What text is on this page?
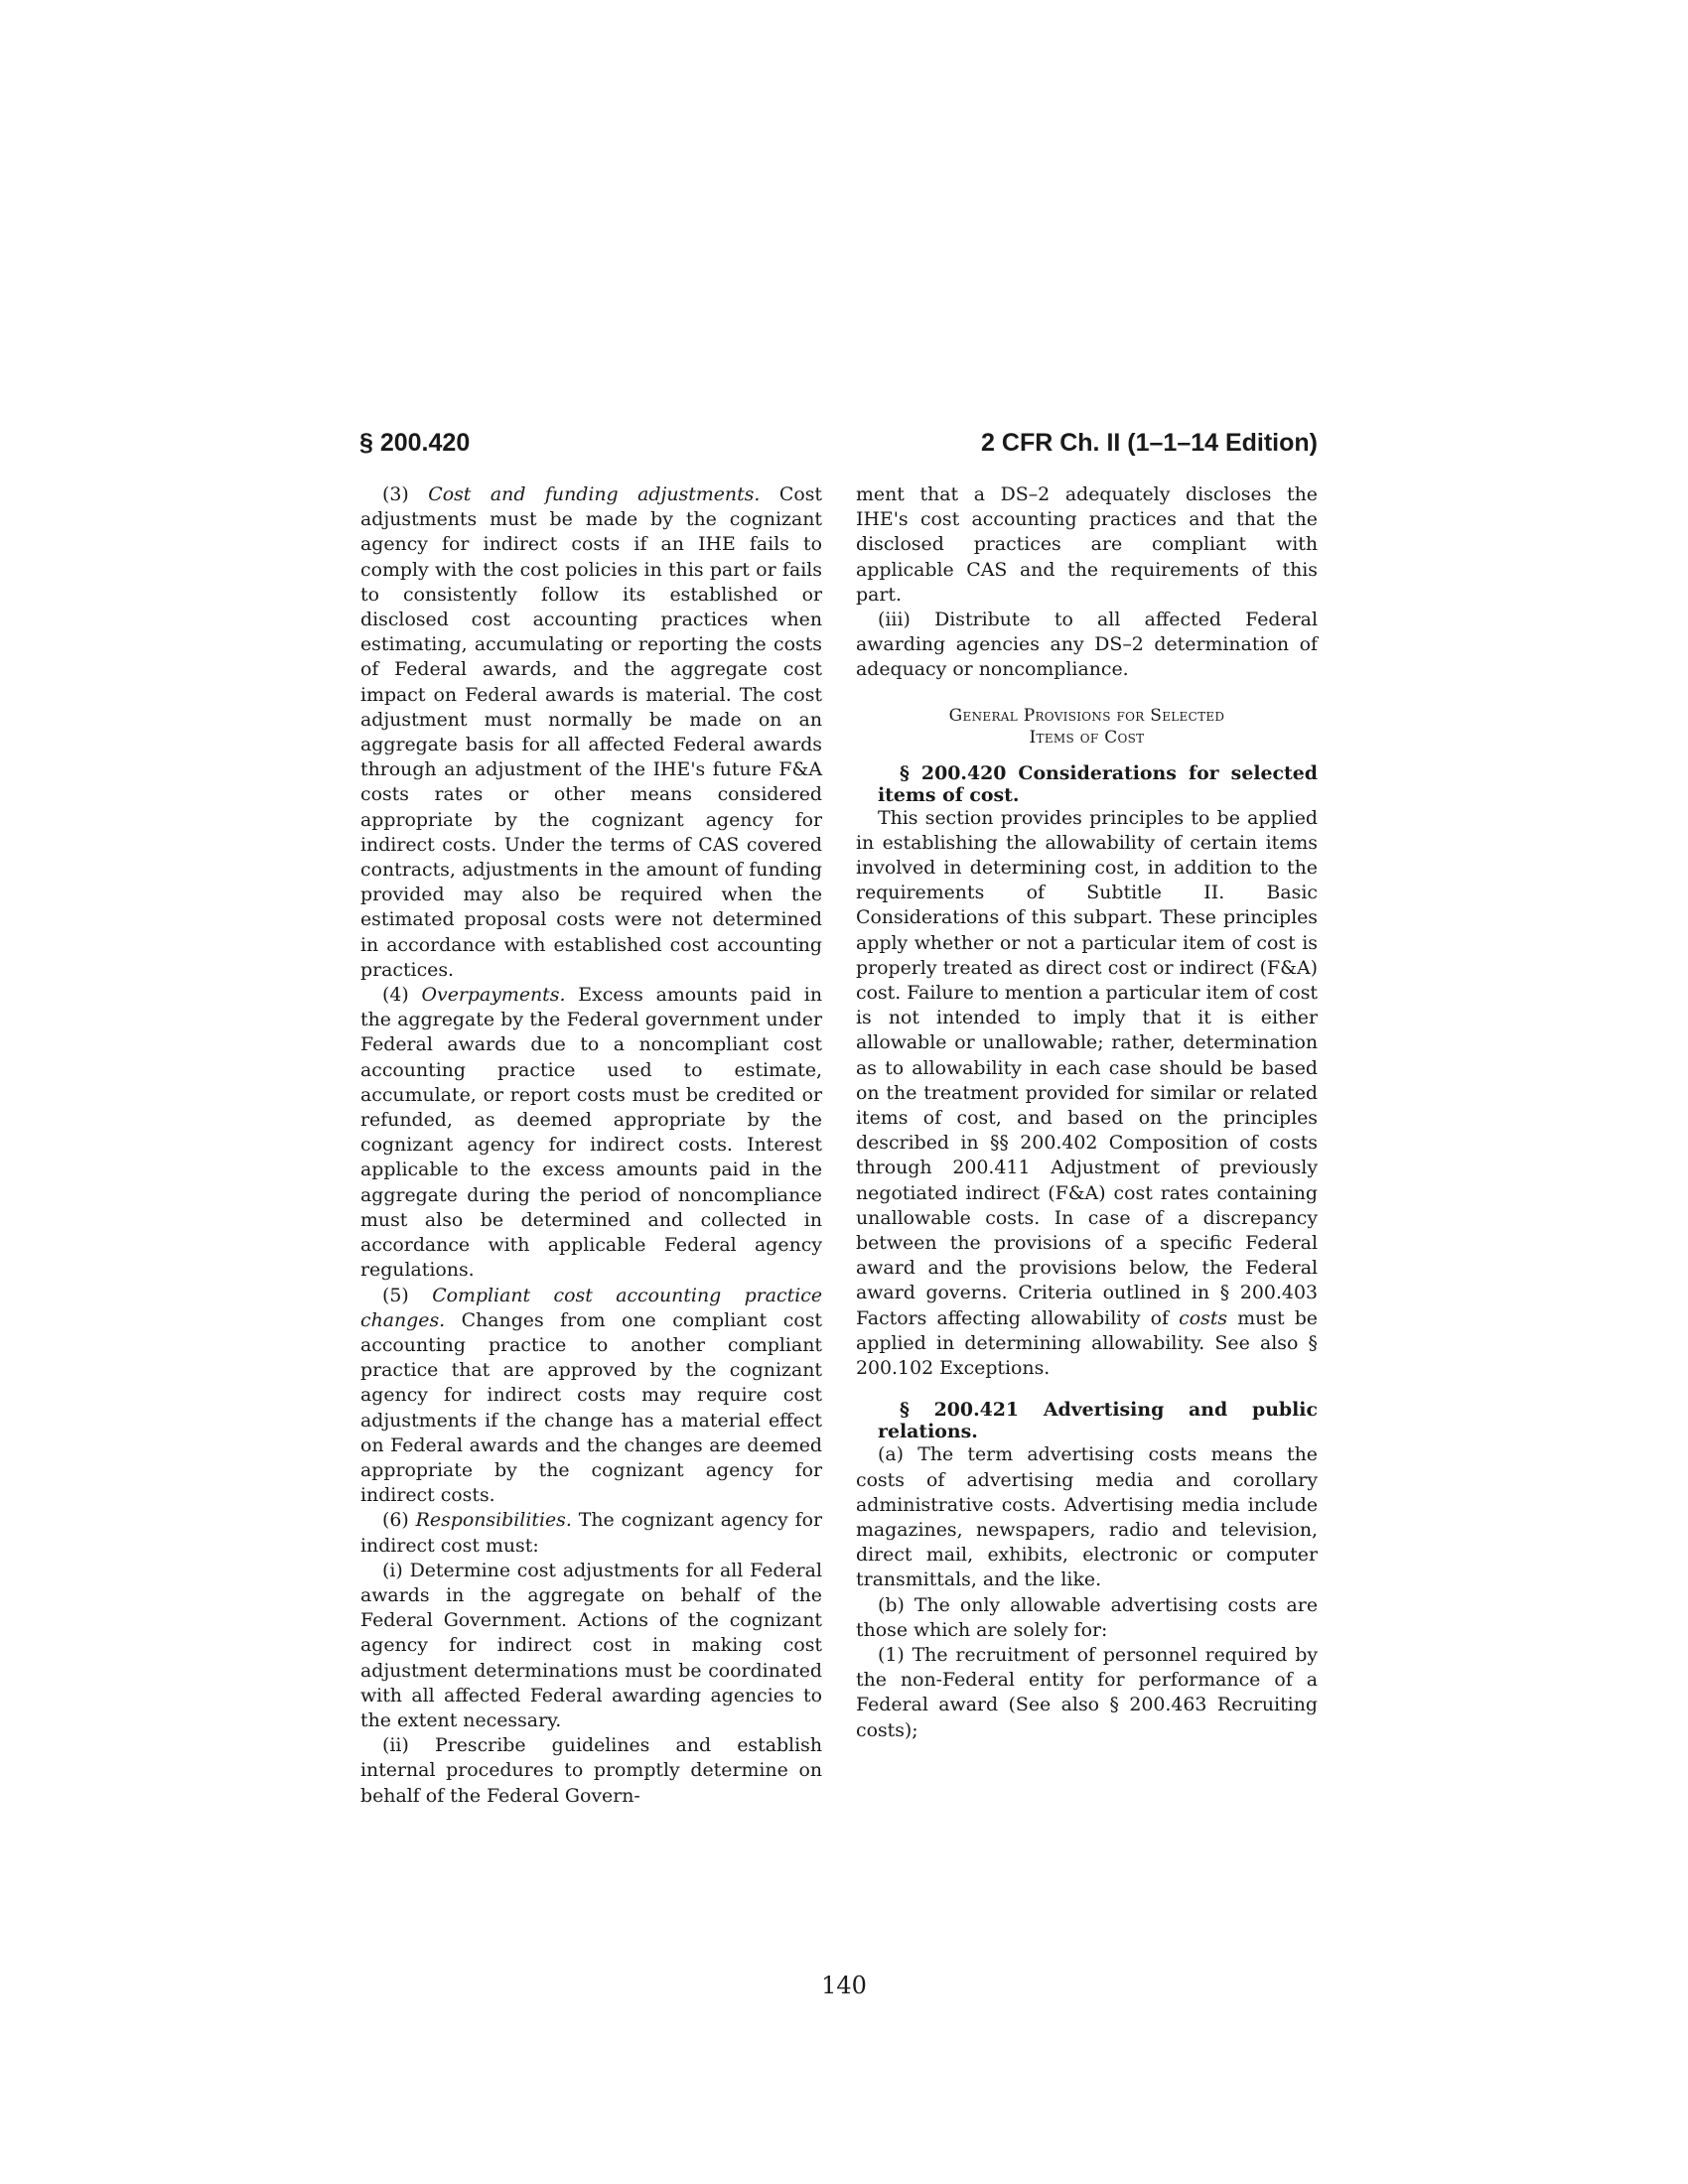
§ 200.420	2 CFR Ch. II (1–1–14 Edition)

(3) Cost and funding adjustments. Cost adjustments must be made by the cognizant agency for indirect costs if an IHE fails to comply with the cost policies in this part or fails to consistently follow its established or disclosed cost accounting practices when estimating, accumulating or reporting the costs of Federal awards, and the aggregate cost impact on Federal awards is material. The cost adjustment must normally be made on an aggregate basis for all affected Federal awards through an adjustment of the IHE's future F&A costs rates or other means considered appropriate by the cognizant agency for indirect costs. Under the terms of CAS covered contracts, adjustments in the amount of funding provided may also be required when the estimated proposal costs were not determined in accordance with established cost accounting practices.

(4) Overpayments. Excess amounts paid in the aggregate by the Federal government under Federal awards due to a noncompliant cost accounting practice used to estimate, accumulate, or report costs must be credited or refunded, as deemed appropriate by the cognizant agency for indirect costs. Interest applicable to the excess amounts paid in the aggregate during the period of noncompliance must also be determined and collected in accordance with applicable Federal agency regulations.

(5) Compliant cost accounting practice changes. Changes from one compliant cost accounting practice to another compliant practice that are approved by the cognizant agency for indirect costs may require cost adjustments if the change has a material effect on Federal awards and the changes are deemed appropriate by the cognizant agency for indirect costs.

(6) Responsibilities. The cognizant agency for indirect cost must:

(i) Determine cost adjustments for all Federal awards in the aggregate on behalf of the Federal Government. Actions of the cognizant agency for indirect cost in making cost adjustment determinations must be coordinated with all affected Federal awarding agencies to the extent necessary.

(ii) Prescribe guidelines and establish internal procedures to promptly determine on behalf of the Federal Govern-

ment that a DS–2 adequately discloses the IHE's cost accounting practices and that the disclosed practices are compliant with applicable CAS and the requirements of this part.

(iii) Distribute to all affected Federal awarding agencies any DS–2 determination of adequacy or noncompliance.

General Provisions for Selected
Items of Cost

§ 200.420 Considerations for selected items of cost.

This section provides principles to be applied in establishing the allowability of certain items involved in determining cost, in addition to the requirements of Subtitle II. Basic Considerations of this subpart. These principles apply whether or not a particular item of cost is properly treated as direct cost or indirect (F&A) cost. Failure to mention a particular item of cost is not intended to imply that it is either allowable or unallowable; rather, determination as to allowability in each case should be based on the treatment provided for similar or related items of cost, and based on the principles described in §§ 200.402 Composition of costs through 200.411 Adjustment of previously negotiated indirect (F&A) cost rates containing unallowable costs. In case of a discrepancy between the provisions of a specific Federal award and the provisions below, the Federal award governs. Criteria outlined in § 200.403 Factors affecting allowability of costs must be applied in determining allowability. See also § 200.102 Exceptions.

§ 200.421 Advertising and public relations.

(a) The term advertising costs means the costs of advertising media and corollary administrative costs. Advertising media include magazines, newspapers, radio and television, direct mail, exhibits, electronic or computer transmittals, and the like.

(b) The only allowable advertising costs are those which are solely for:

(1) The recruitment of personnel required by the non-Federal entity for performance of a Federal award (See also § 200.463 Recruiting costs);

140
